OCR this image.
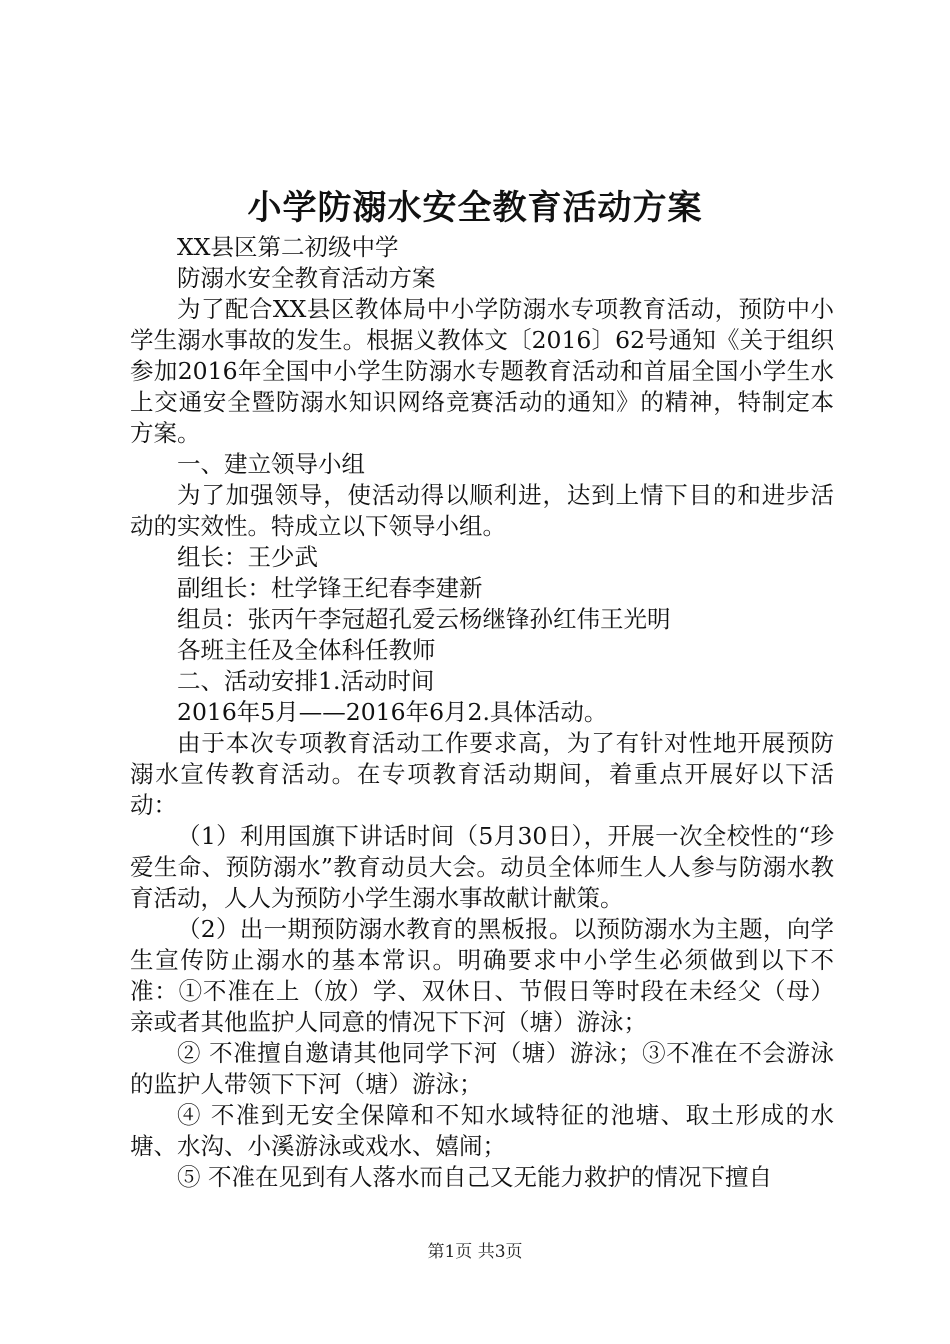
小学防溺水安全教育活动方案

XX县区第二初级中学

防溺水安全教育活动方案

为了配合XX县区教体局中小学防溺水专项教育活动，预防中小学生溺水事故的发生。根据义教体文〔2016〕62号通知《关于组织参加2016年全国中小学生防溺水专题教育活动和首届全国小学生水上交通安全暨防溺水知识网络竞赛活动的通知》的精神，特制定本方案。

一、建立领导小组

为了加强领导，使活动得以顺利进，达到上情下目的和进步活动的实效性。特成立以下领导小组。

组长：王少武

副组长：杜学锋王纪春李建新

组员：张丙午李冠超孔爱云杨继锋孙红伟王光明

各班主任及全体科任教师

二、活动安排1.活动时间

2016年5月——2016年6月2.具体活动。

由于本次专项教育活动工作要求高，为了有针对性地开展预防溺水宣传教育活动。在专项教育活动期间，着重点开展好以下活动：

（1）利用国旗下讲话时间（5月30日），开展一次全校性的“珍爱生命、预防溺水”教育动员大会。动员全体师生人人参与防溺水教育活动，人人为预防小学生溺水事故献计献策。

（2）出一期预防溺水教育的黑板报。以预防溺水为主题，向学生宣传防止溺水的基本常识。明确要求中小学生必须做到以下不准：①不准在上（放）学、双休日、节假日等时段在未经父（母）亲或者其他监护人同意的情况下下河（塘）游泳；

② 不准擅自邀请其他同学下河（塘）游泳；③不准在不会游泳的监护人带领下下河（塘）游泳；

④ 不准到无安全保障和不知水域特征的池塘、取土形成的水塘、水沟、小溪游泳或戏水、嬉闹；

⑤ 不准在见到有人落水而自己又无能力救护的情况下擅自

第1页 共3页
